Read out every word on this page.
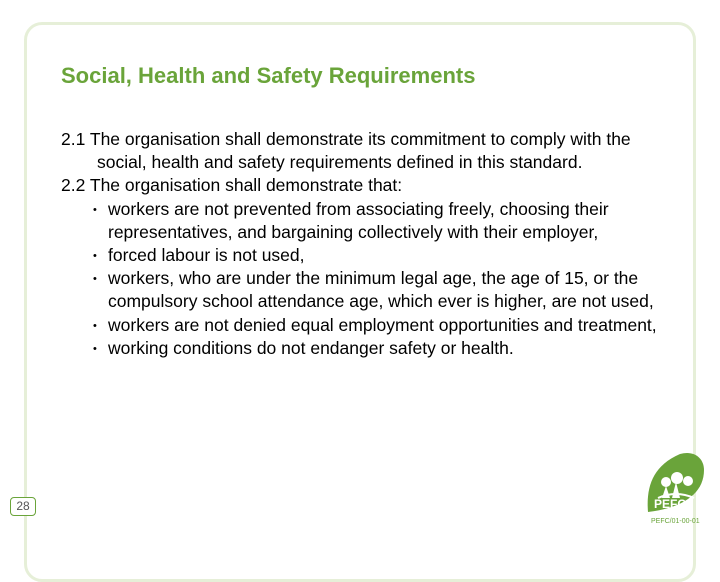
Social, Health and Safety Requirements

2.1 The organisation shall demonstrate its commitment to comply with the social, health and safety requirements defined in this standard.

2.2 The organisation shall demonstrate that:

• workers are not prevented from associating freely, choosing their representatives, and bargaining collectively with their employer,
• forced labour is not used,
• workers, who are under the minimum legal age, the age of 15, or the compulsory school attendance age, which ever is higher, are not used,
• workers are not denied equal employment opportunities and treatment,
• working conditions do not endanger safety or health.
28	PEFC
PEFC/01-00-01
